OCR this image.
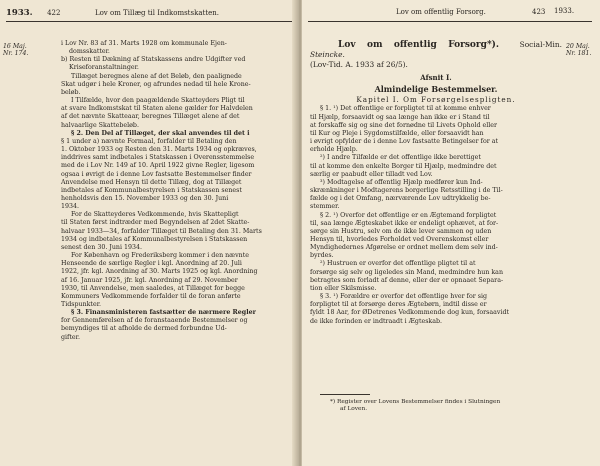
1933. 422	Lov om Tillæg til Indkomstskatten.
16 Maj.
Nr. 174.

i Lov Nr. 83 af 31. Marts 1928 om kommunale Ejen-

domsskatter.

b) Resten til Dækning af Statskassens andre Udgifter ved

Kriseforanstaltninger.

Tillæget beregnes alene af det Beløb, den paalignede

Skat udgør i hele Kroner, og afrundes nedad til hele Krone-

beløb.

I Tilfælde, hvor den paagældende Skatteyders Pligt til

at svare Indkomstskat til Staten alene gælder for Halvdelen

af det nævnte Skatteaar, beregnes Tillæget alene af det

halvaarlige Skattebeløb.

§ 2. Den Del af Tillæget, der skal anvendes til det i

§ 1 under a) nævnte Formaal, forfalder til Betaling den

1. Oktober 1933 og Resten den 31. Marts 1934 og opkræves,

inddrives samt indbetales i Statskassen i Overensstemmelse

med de i Lov Nr. 149 af 10. April 1922 givne Regler, ligesom

ogsaa i øvrigt de i denne Lov fastsatte Bestemmelser finder

Anvendelse med Hensyn til dette Tillæg, dog at Tillæget

indbetales af Kommunalbestyrelsen i Statskassen senest

henholdsvis den 15. November 1933 og den 30. Juni

1934.

For de Skatteyderes Vedkommende, hvis Skattepligt

til Staten først indtræder med Begyndelsen af 2det Skatte-

halvaar 1933—34, forfalder Tillæget til Betaling den 31. Marts

1934 og indbetales af Kommunalbestyrelsen i Statskassen

senest den 30. Juni 1934.

For København og Frederiksberg kommer i den nævnte

Henseende de særlige Regler i kgl. Anordning af 20. Juli

1922, jfr. kgl. Anordning af 30. Marts 1925 og kgl. Anordning

af 16. Januar 1925, jfr. kgl. Anordning af 29. November

1930, til Anvendelse, men saaledes, at Tillæget for begge

Kommuners Vedkommende forfalder til de foran anførte

Tidspunkter.

§ 3. Finansministeren fastsætter de nærmere Regler

for Gennemførelsen af de foranstaaende Bestemmelser og

bemyndiges til at afholde de dermed forbundne Ud-

gifter.

Lov om offentlig Forsorg.	423 1933.
20 Maj.
Nr. 181.
Lov om offentlig Forsorg*).	Social-Min. Steincke.
(Lov-Tid. A. 1933 af 26/5).
Afsnit I.
Almindelige Bestemmelser.
Kapitel I. Om Forsørgelsespligten.

§ 1. ¹) Det offentlige er forpligtet til at komme enhver

til Hjælp, forsaavidt og saa længe han ikke er i Stand til

at forskaffe sig og sine det fornødne til Livets Ophold eller

til Kur og Pleje i Sygdomstilfælde, eller forsaavidt han

i øvrigt opfylder de i denne Lov fastsatte Betingelser for at

erholde Hjælp.

²) I andre Tilfælde er det offentlige ikke berettiget

til at komme den enkelte Borger til Hjælp, medmindre det

særlig er paabudt eller tilladt ved Lov.

³) Modtagelse af offentlig Hjælp medfører kun Ind-

skrænkninger i Modtagerens borgerlige Retsstilling i de Til-

fælde og i det Omfang, nærværende Lov udtrykkelig be-

stemmer.

§ 2. ¹) Overfor det offentlige er en Ægtemand forpligtet

til, saa længe Ægteskabet ikke er endeligt ophævet, at for-

sørge sin Hustru, selv om de ikke lever sammen og uden

Hensyn til, hvorledes Forholdet ved Overenskomst eller

Myndighedernes Afgørelse er ordnet mellem dem selv ind-

byrdes.

²) Hustruen er overfor det offentlige pligtet til at

forsørge sig selv og ligeledes sin Mand, medmindre hun kan

betragtes som forladt af denne, eller der er opnaaet Separa-

tion eller Skilsmisse.

§ 3. ¹) Forældre er overfor det offentlige hver for sig

forpligtet til at forsørge deres Ægtebørn, indtil disse er

fyldt 18 Aar, for ØDetrenes Vedkommende dog kun, forsaavidt

de ikke forinden er indtraadt i Ægteskab.

*) Register over Lovens Bestemmelser findes i Slutningen
af Loven.
